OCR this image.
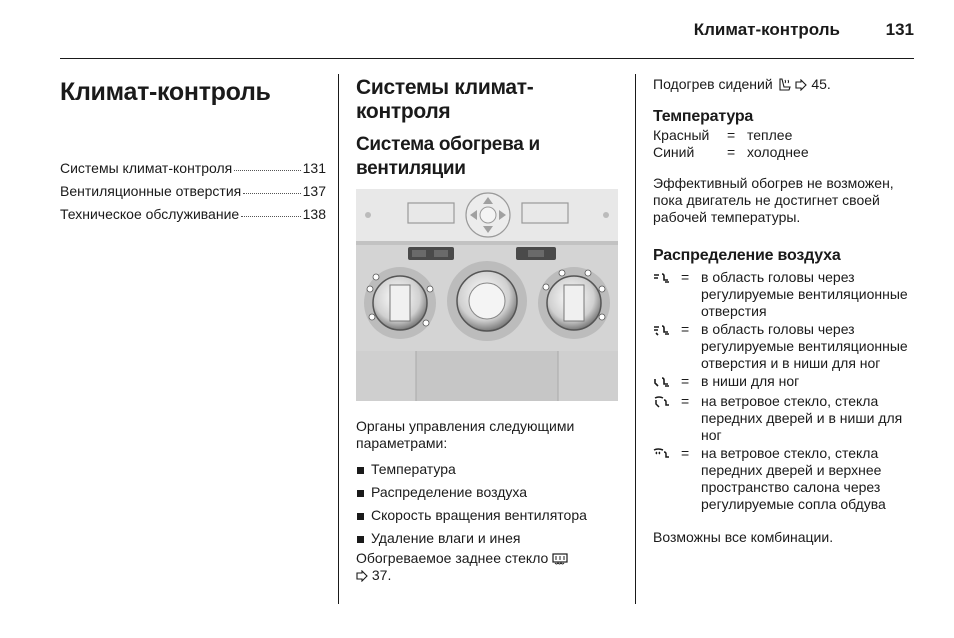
Климат-контроль	131
Климат-контроль
Системы климат-контроля	131
Вентиляционные отверстия	137
Техническое обслуживание	138
Системы климат-контроля
Система обогрева и вентиляции
Органы управления следующими параметрами:
Температура
Распределение воздуха
Скорость вращения вентилятора
Удаление влаги и инея
Обогреваемое заднее стекло
37.
Подогрев сидений	45.
Температура
Красный	= теплее
Синий	= холоднее
Эффективный обогрев не возможен, пока двигатель не достигнет своей рабочей температуры.
Распределение воздуха
= в область головы через регулируемые вентиляционные отверстия
= в область головы через регулируемые вентиляционные отверстия и в ниши для ног
= в ниши для ног
= на ветровое стекло, стекла передних дверей и в ниши для ног
= на ветровое стекло, стекла передних дверей и верхнее пространство салона через регулируемые сопла обдува
Возможны все комбинации.
